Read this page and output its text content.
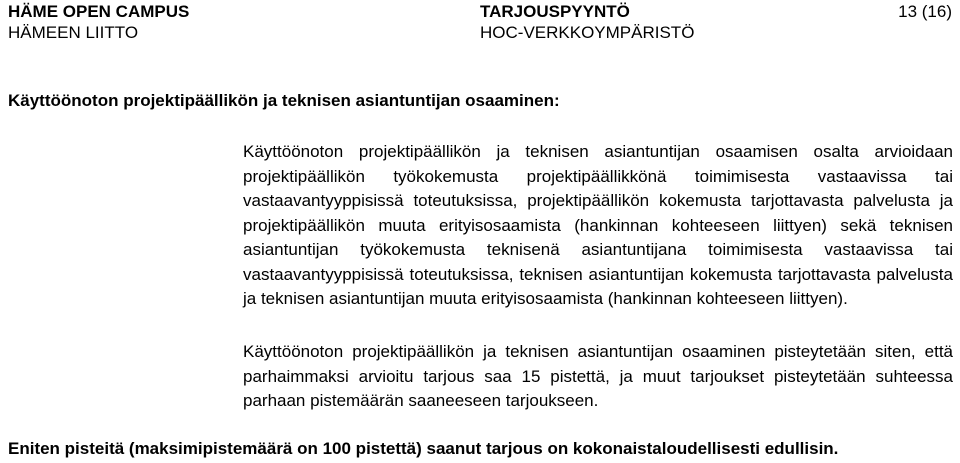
HÄME OPEN CAMPUS
HÄMEEN LIITTO
TARJOUSPYYNTÖ
HOC-VERKKOYMPÄRISTÖ
13 (16)
Käyttöönoton projektipäällikön ja teknisen asiantuntijan osaaminen:
Käyttöönoton projektipäällikön ja teknisen asiantuntijan osaamisen osalta arvioidaan projektipäällikön työkokemusta projektipäällikkönä toimimisesta vastaavissa tai vastaavantyyppisissä toteutuksissa, projektipäällikön kokemusta tarjottavasta palvelusta ja projektipäällikön muuta erityisosaamista (hankinnan kohteeseen liittyen) sekä teknisen asiantuntijan työkokemusta teknisenä asiantuntijana toimimisesta vastaavissa tai vastaavantyyppisissä toteutuksissa, teknisen asiantuntijan kokemusta tarjottavasta palvelusta ja teknisen asiantuntijan muuta erityisosaamista (hankinnan kohteeseen liittyen).
Käyttöönoton projektipäällikön ja teknisen asiantuntijan osaaminen pisteytetään siten, että parhaimmaksi arvioitu tarjous saa 15 pistettä, ja muut tarjoukset pisteytetään suhteessa parhaan pistemäärän saaneeseen tarjoukseen.
Eniten pisteitä (maksimipistemäärä on 100 pistettä) saanut tarjous on kokonaistaloudellisesti edullisin.
